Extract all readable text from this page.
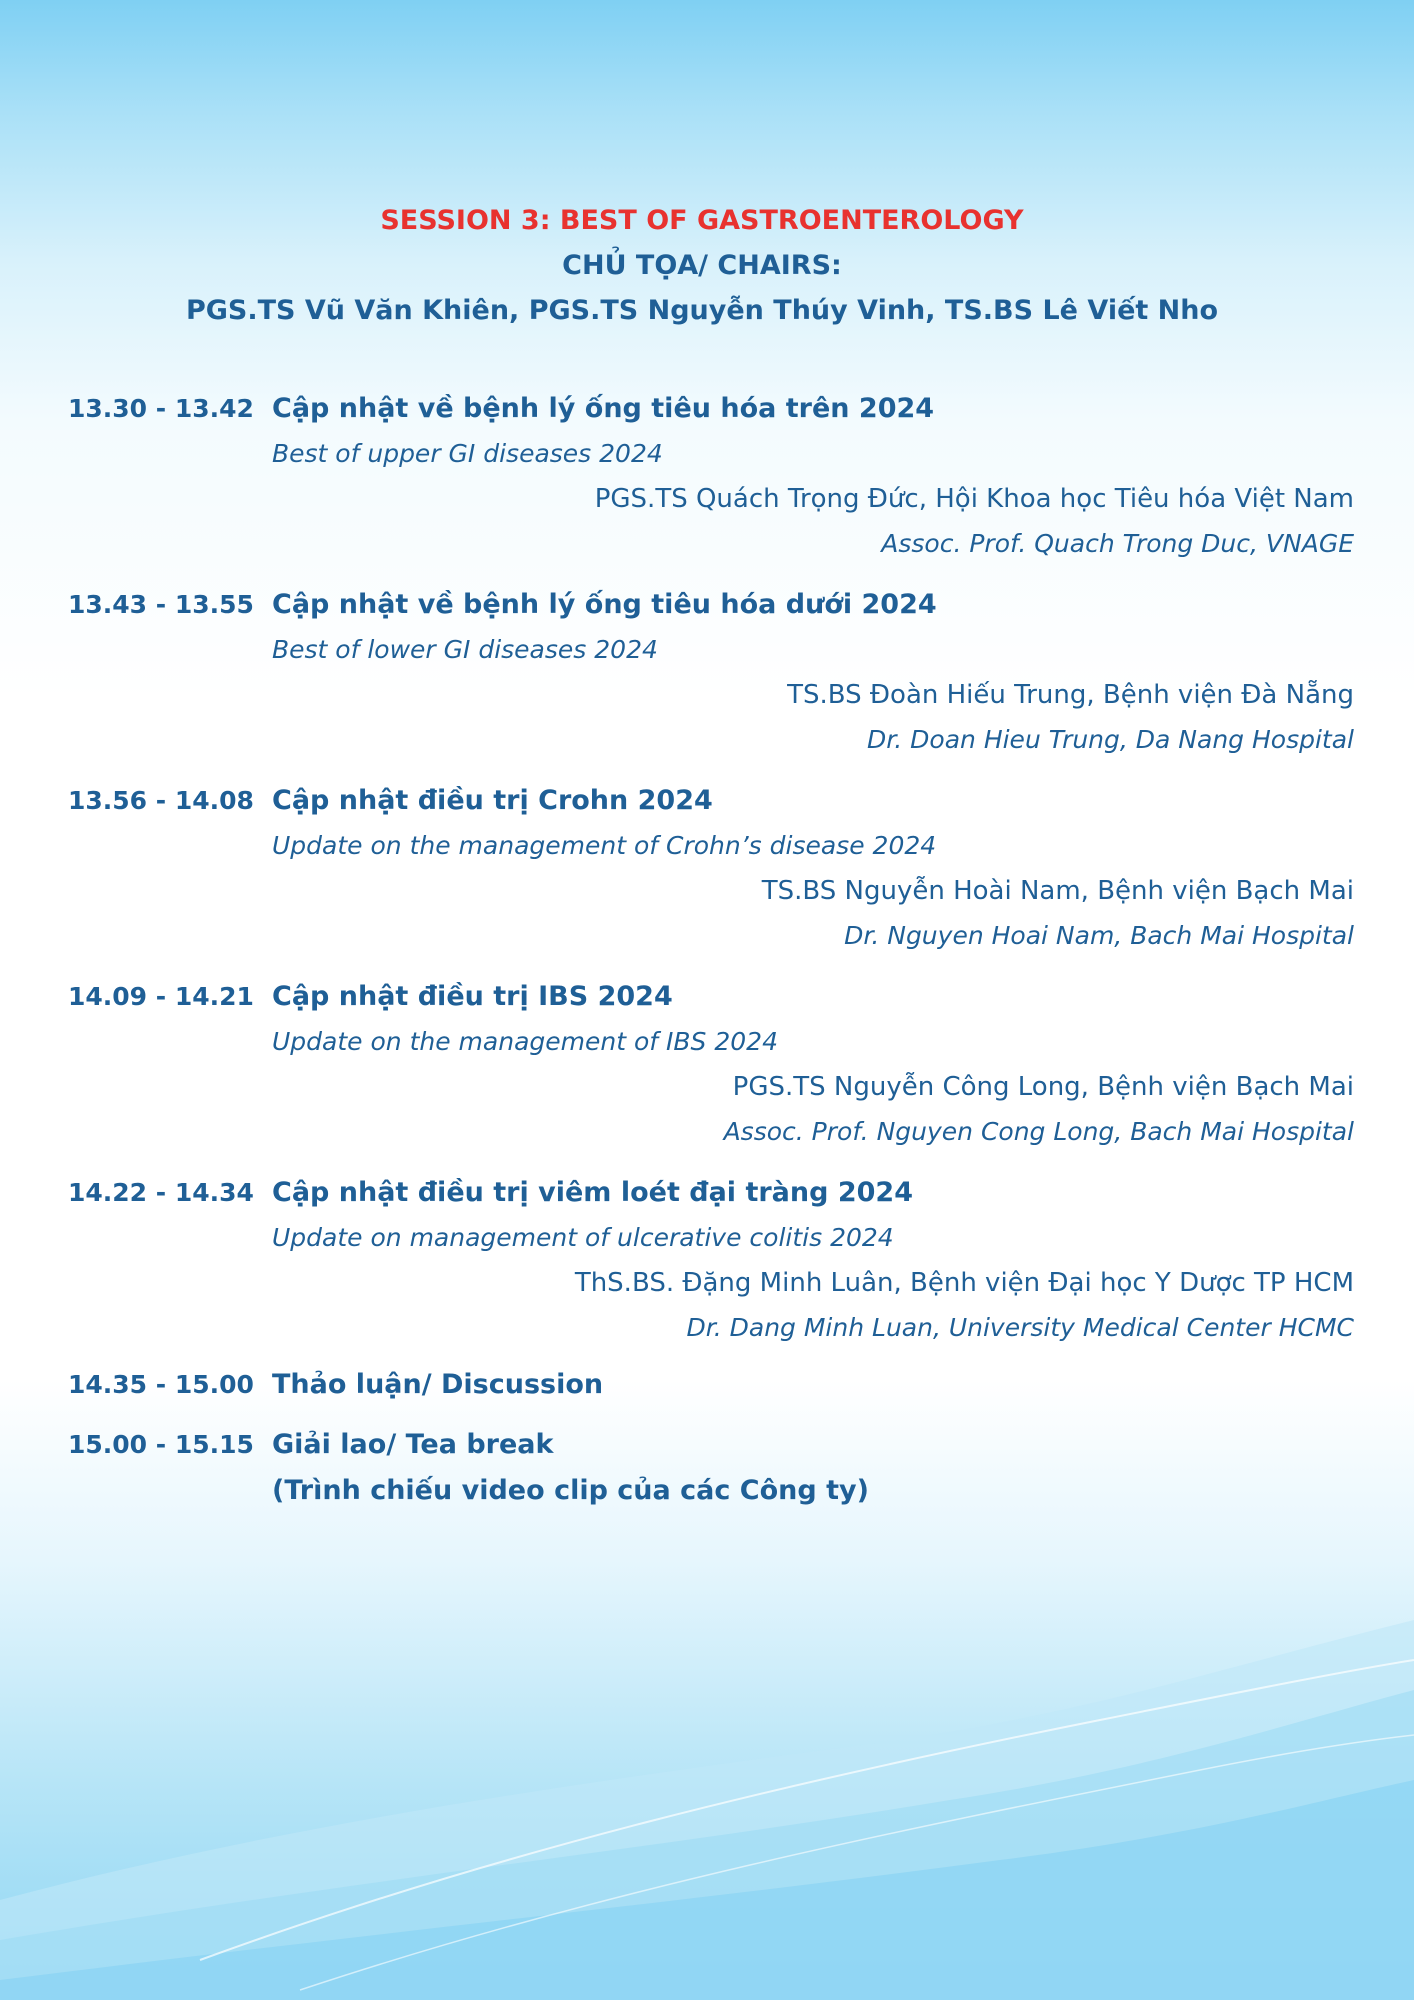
SESSION 3: BEST OF GASTROENTEROLOGY
CHỦ TỌA/ CHAIRS:
PGS.TS Vũ Văn Khiên, PGS.TS Nguyễn Thúy Vinh, TS.BS Lê Viết Nho
13.30 - 13.42 Cập nhật về bệnh lý ống tiêu hóa trên 2024
Best of upper GI diseases 2024
PGS.TS Quách Trọng Đức, Hội Khoa học Tiêu hóa Việt Nam
Assoc. Prof. Quach Trong Duc, VNAGE
13.43 - 13.55 Cập nhật về bệnh lý ống tiêu hóa dưới 2024
Best of lower GI diseases 2024
TS.BS Đoàn Hiếu Trung, Bệnh viện Đà Nẵng
Dr. Doan Hieu Trung, Da Nang Hospital
13.56 - 14.08 Cập nhật điều trị Crohn 2024
Update on the management of Crohn’s disease 2024
TS.BS Nguyễn Hoài Nam, Bệnh viện Bạch Mai
Dr. Nguyen Hoai Nam, Bach Mai Hospital
14.09 - 14.21 Cập nhật điều trị IBS 2024
Update on the management of IBS 2024
PGS.TS Nguyễn Công Long, Bệnh viện Bạch Mai
Assoc. Prof. Nguyen Cong Long, Bach Mai Hospital
14.22 - 14.34 Cập nhật điều trị viêm loét đại tràng 2024
Update on management of ulcerative colitis 2024
ThS.BS. Đặng Minh Luân, Bệnh viện Đại học Y Dược TP HCM
Dr. Dang Minh Luan, University Medical Center HCMC
14.35 - 15.00 Thảo luận/ Discussion
15.00 - 15.15 Giải lao/ Tea break
(Trình chiếu video clip của các Công ty)
